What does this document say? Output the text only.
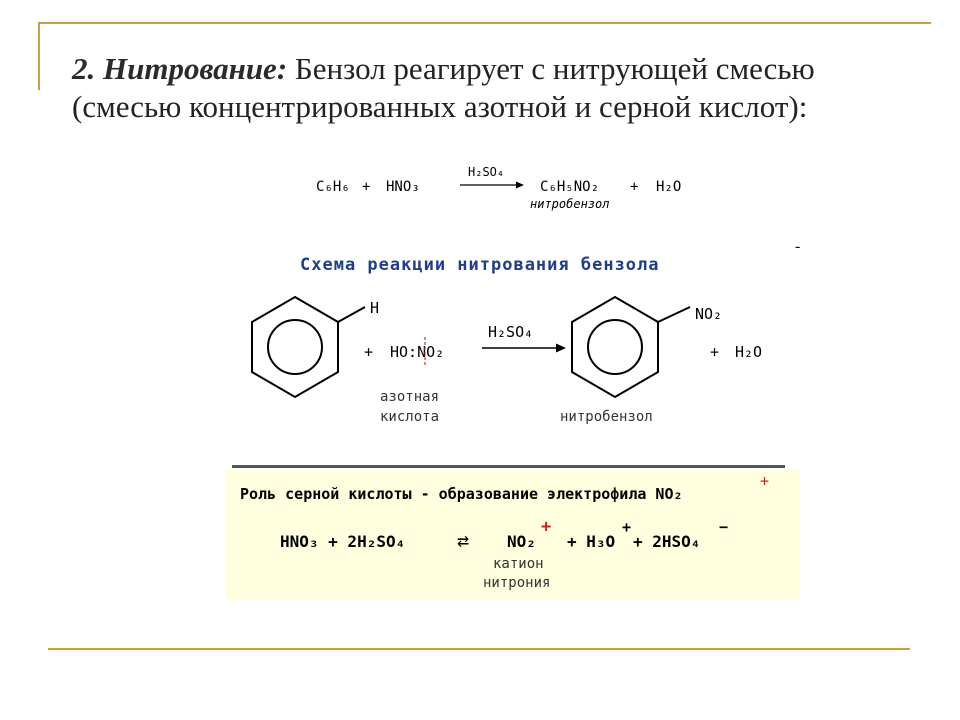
2. Нитрование: Бензол реагирует с нитрующей смесью (смесью концентрированных азотной и серной кислот):
C₆H₆ + HNO₃
H₂SO₄
C₆H₅NO₂ + H₂O
нитробензол
Схема реакции нитрования бензола
-
H
+ HO:NO₂
H₂SO₄
NO₂
+ H₂O
азотная
кислота	нитробензол
Роль серной кислоты - образование электрофила NO₂
+
HNO₃ + 2H₂SO₄	⇄ NO₂
+
+ H₃O
+
+ 2HSO₄
−
катион
нитрония
